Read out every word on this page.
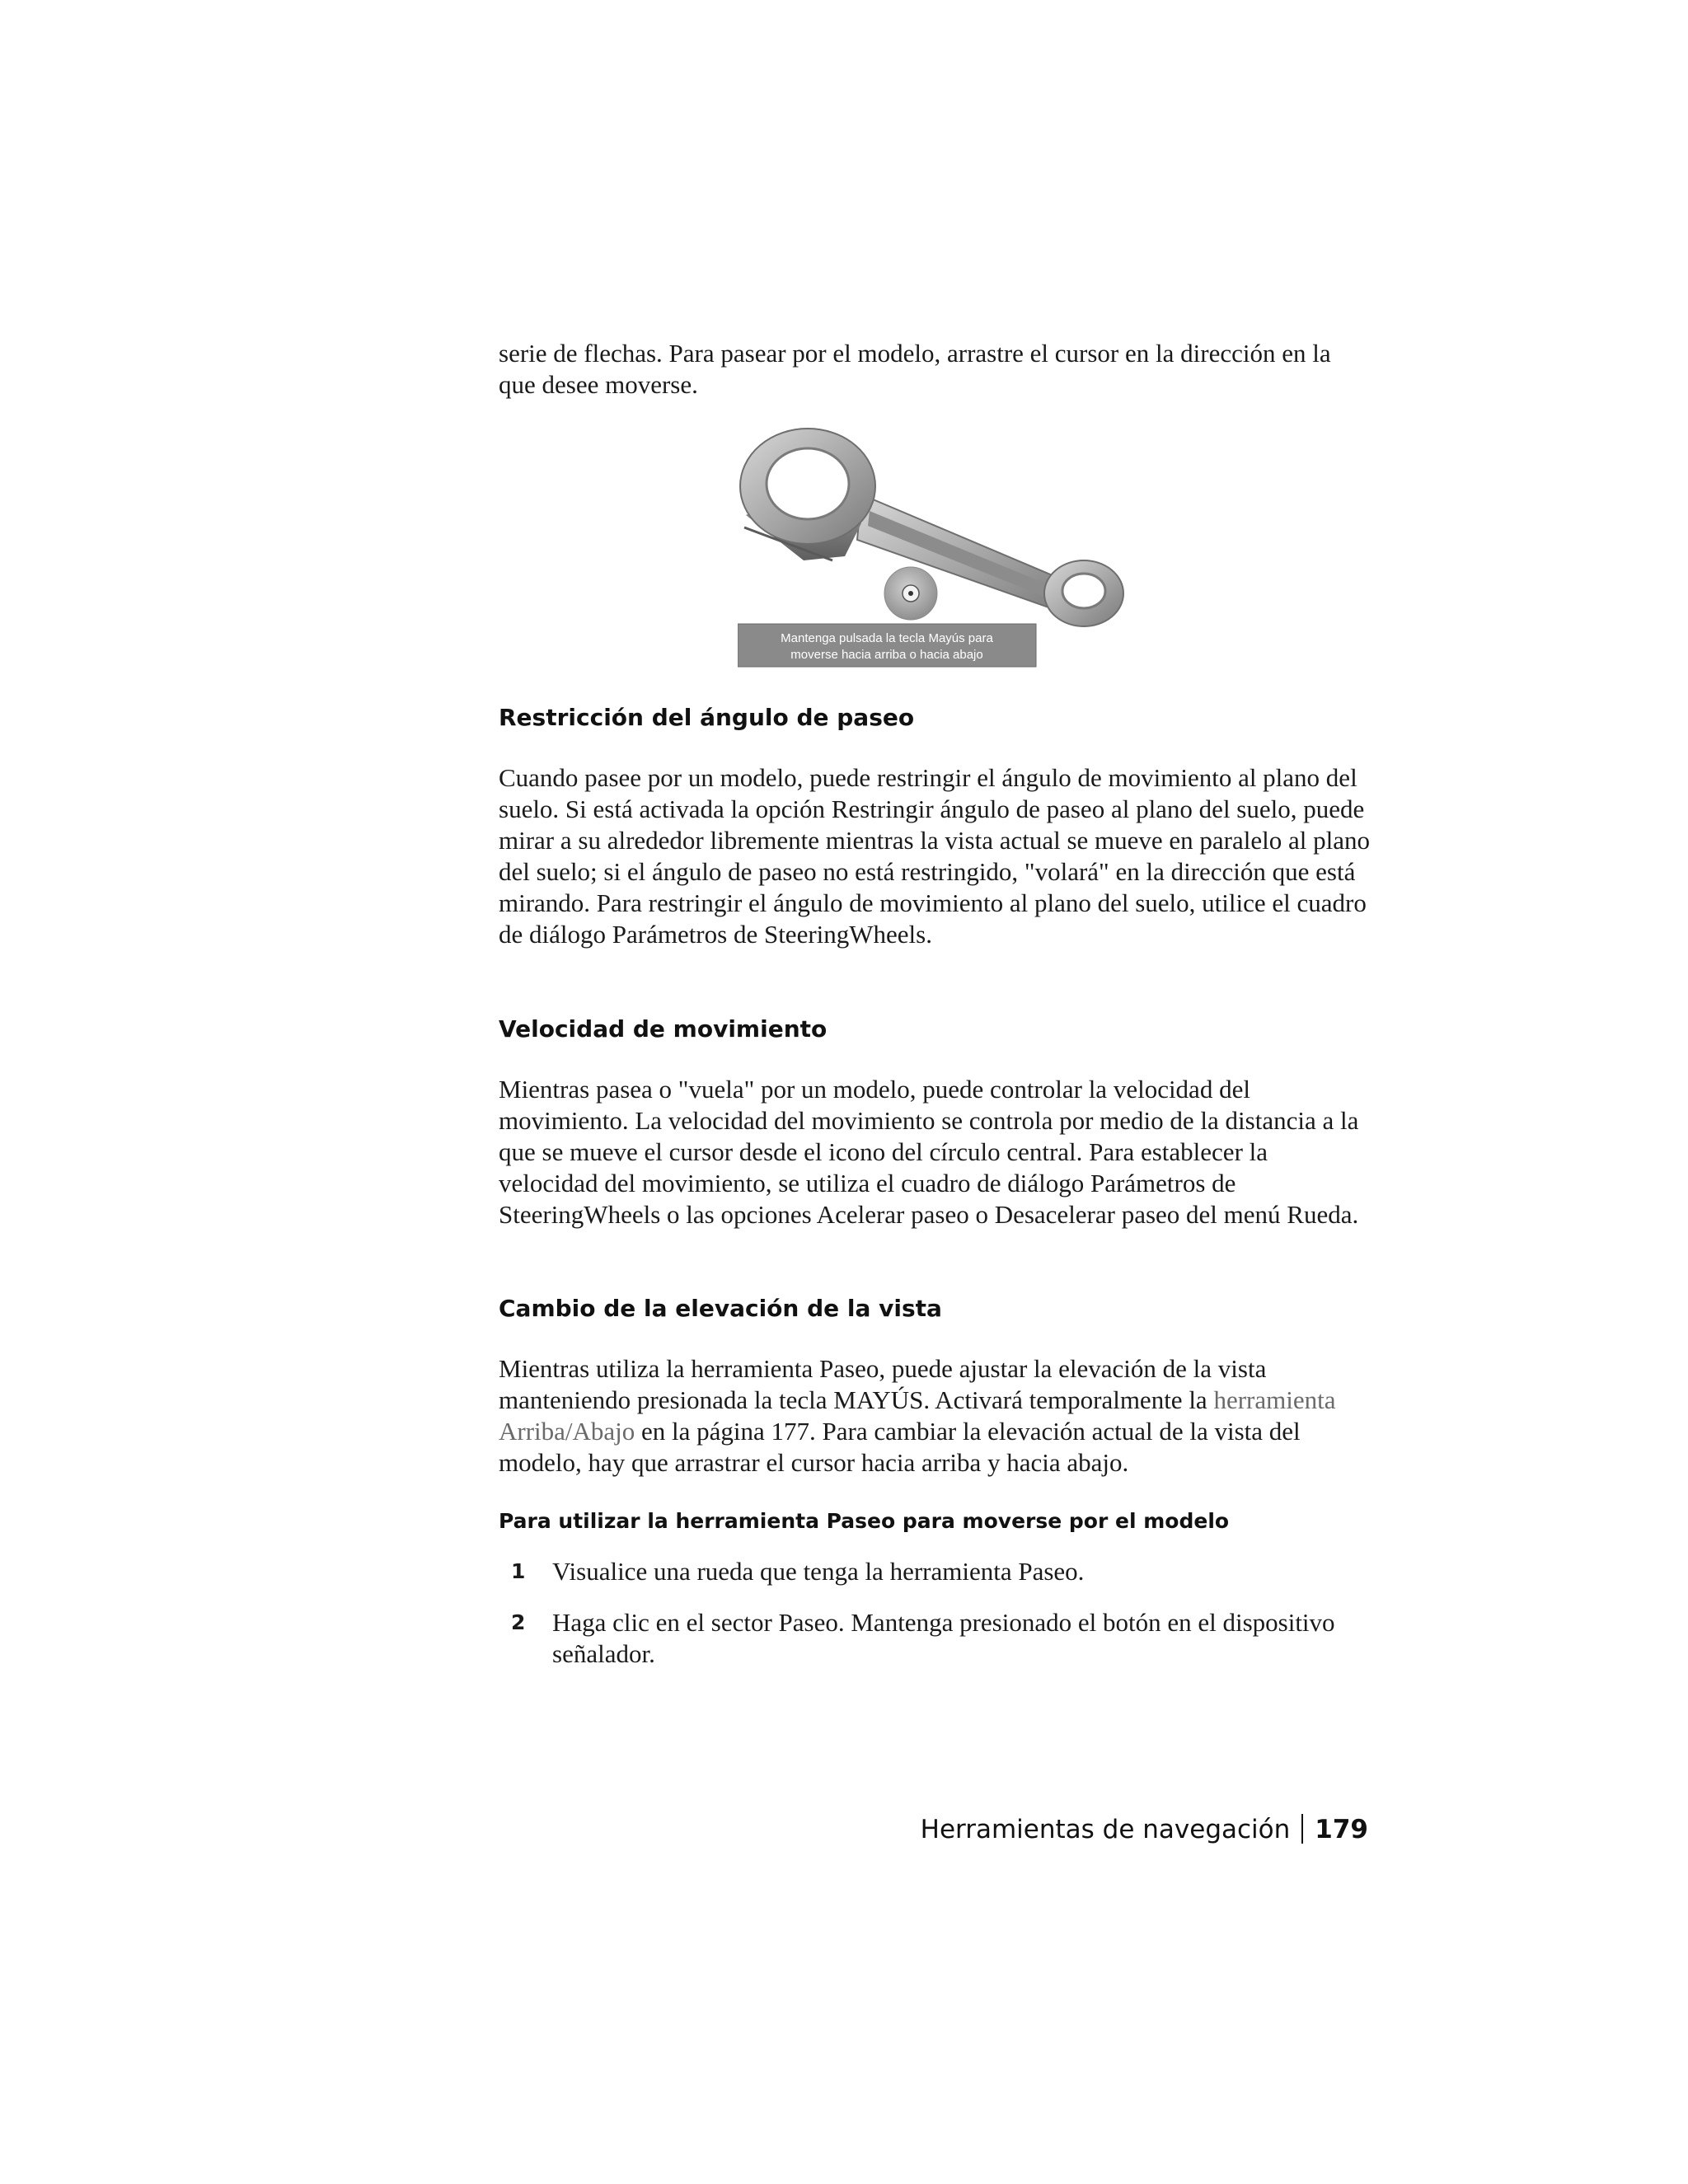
serie de flechas. Para pasear por el modelo, arrastre el cursor en la dirección en la que desee moverse.

Mantenga pulsada la tecla Mayús para
moverse hacia arriba o hacia abajo
Restricción del ángulo de paseo

Cuando pasee por un modelo, puede restringir el ángulo de movimiento al plano del suelo. Si está activada la opción Restringir ángulo de paseo al plano del suelo, puede mirar a su alrededor libremente mientras la vista actual se mueve en paralelo al plano del suelo; si el ángulo de paseo no está restringido, "volará" en la dirección que está mirando. Para restringir el ángulo de movimiento al plano del suelo, utilice el cuadro de diálogo Parámetros de SteeringWheels.

Velocidad de movimiento

Mientras pasea o "vuela" por un modelo, puede controlar la velocidad del movimiento. La velocidad del movimiento se controla por medio de la distancia a la que se mueve el cursor desde el icono del círculo central. Para establecer la velocidad del movimiento, se utiliza el cuadro de diálogo Parámetros de SteeringWheels o las opciones Acelerar paseo o Desacelerar paseo del menú Rueda.

Cambio de la elevación de la vista

Mientras utiliza la herramienta Paseo, puede ajustar la elevación de la vista manteniendo presionada la tecla MAYÚS. Activará temporalmente la herramienta Arriba/Abajo en la página 177. Para cambiar la elevación actual de la vista del modelo, hay que arrastrar el cursor hacia arriba y hacia abajo.

Para utilizar la herramienta Paseo para moverse por el modelo
1	Visualice una rueda que tenga la herramienta Paseo.
2	Haga clic en el sector Paseo. Mantenga presionado el botón en el dispositivo señalador.
Herramientas de navegación 179
